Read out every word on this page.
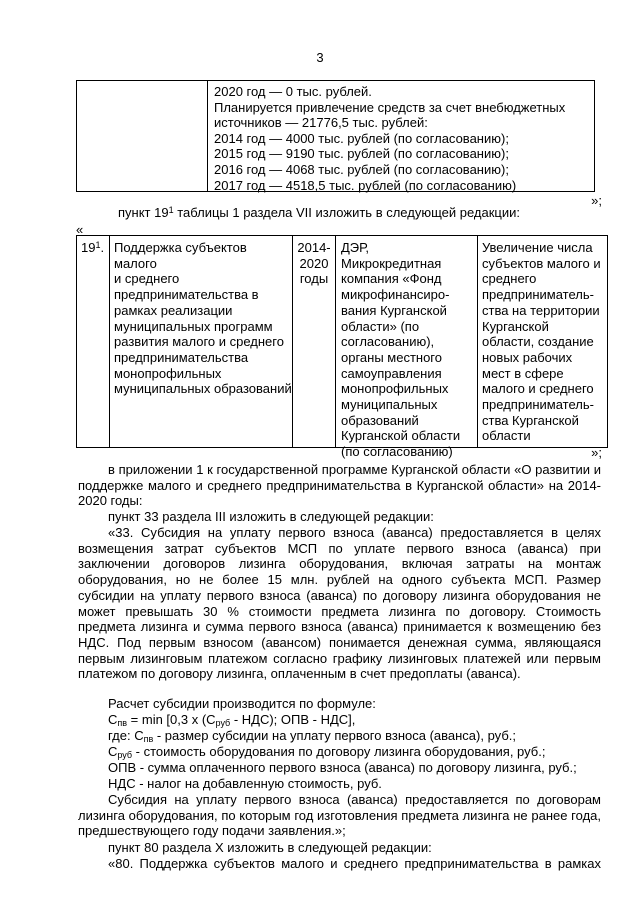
3
2020 год — 0 тыс. рублей.
Планируется привлечение средств за счет внебюджетных
источников — 21776,5 тыс. рублей:
2014 год — 4000 тыс. рублей (по согласованию);
2015 год — 9190 тыс. рублей (по согласованию);
2016 год — 4068 тыс. рублей (по согласованию);
2017 год — 4518,5 тыс. рублей (по согласованию)
»;
пункт $19^1$ таблицы 1 раздела VII изложить в следующей редакции:
«
$19^1$. Поддержка субъектов малого
и среднего
предпринимательства в
рамках реализации
муниципальных программ
развития малого и среднего
предпринимательства
монопрофильных
муниципальных образований
2014-
2020
годы
ДЭР,
Микрокредитная
компания «Фонд
микрофинансиро-
вания Курганской
области» (по
согласованию),
органы местного
самоуправления
монопрофильных
муниципальных
образований
Курганской области
(по согласованию)
Увеличение числа
субъектов малого и
среднего
предприниматель-
ства на территории
Курганской
области, создание
новых рабочих
мест в сфере
малого и среднего
предприниматель-
ства Курганской
области
»;
в приложении 1 к государственной программе Курганской области «О развитии и поддержке малого и среднего предпринимательства в Курганской области» на 2014-2020 годы:
пункт 33 раздела III изложить в следующей редакции:
«33. Субсидия на уплату первого взноса (аванса) предоставляется в целях возмещения затрат субъектов МСП по уплате первого взноса (аванса) при заключении договоров лизинга оборудования, включая затраты на монтаж оборудования, но не более 15 млн. рублей на одного субъекта МСП. Размер субсидии на уплату первого взноса (аванса) по договору лизинга оборудования не может превышать 30 % стоимости предмета лизинга по договору. Стоимость предмета лизинга и сумма первого взноса (аванса) принимается к возмещению без НДС. Под первым взносом (авансом) понимается денежная сумма, являющаяся первым лизинговым платежом согласно графику лизинговых платежей или первым платежом по договору лизинга, оплаченным в счет предоплаты (аванса).
Расчет субсидии производится по формуле:
$С_{пв} = \min [0,3$ х $(С_{руб} - НДС)$; ОПВ - НДС],
где: $С_{пв}$ - размер субсидии на уплату первого взноса (аванса), руб.;
$С_{руб}$ - стоимость оборудования по договору лизинга оборудования, руб.;
ОПВ - сумма оплаченного первого взноса (аванса) по договору лизинга, руб.;
НДС - налог на добавленную стоимость, руб.
Субсидия на уплату первого взноса (аванса) предоставляется по договорам лизинга оборудования, по которым год изготовления предмета лизинга не ранее года, предшествующего году подачи заявления.»;
пункт 80 раздела X изложить в следующей редакции:
«80. Поддержка субъектов малого и среднего предпринимательства в рамках
